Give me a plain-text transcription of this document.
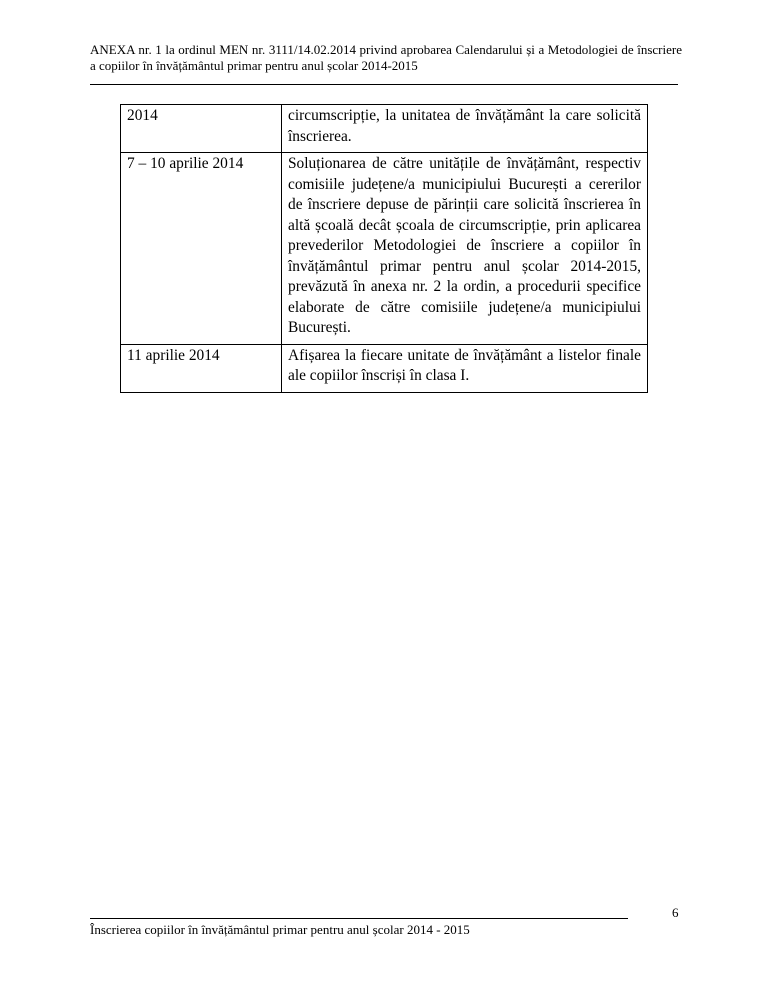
ANEXA nr. 1 la ordinul MEN nr. 3111/14.02.2014 privind aprobarea Calendarului și a Metodologiei de înscriere a copiilor în învățământul primar pentru anul școlar 2014-2015
2014	circumscripție, la unitatea de învățământ la care solicită înscrierea.
7 – 10 aprilie 2014	Soluționarea de către unitățile de învățământ, respectiv comisiile județene/a municipiului București a cererilor de înscriere depuse de părinții care solicită înscrierea în altă școală decât școala de circumscripție, prin aplicarea prevederilor Metodologiei de înscriere a copiilor în învățământul primar pentru anul școlar 2014-2015, prevăzută în anexa nr. 2 la ordin, a procedurii specifice elaborate de către comisiile județene/a municipiului București.
11 aprilie 2014	Afișarea la fiecare unitate de învățământ a listelor finale ale copiilor înscriși în clasa I.
6
Înscrierea copiilor în învățământul primar pentru anul școlar 2014 - 2015
